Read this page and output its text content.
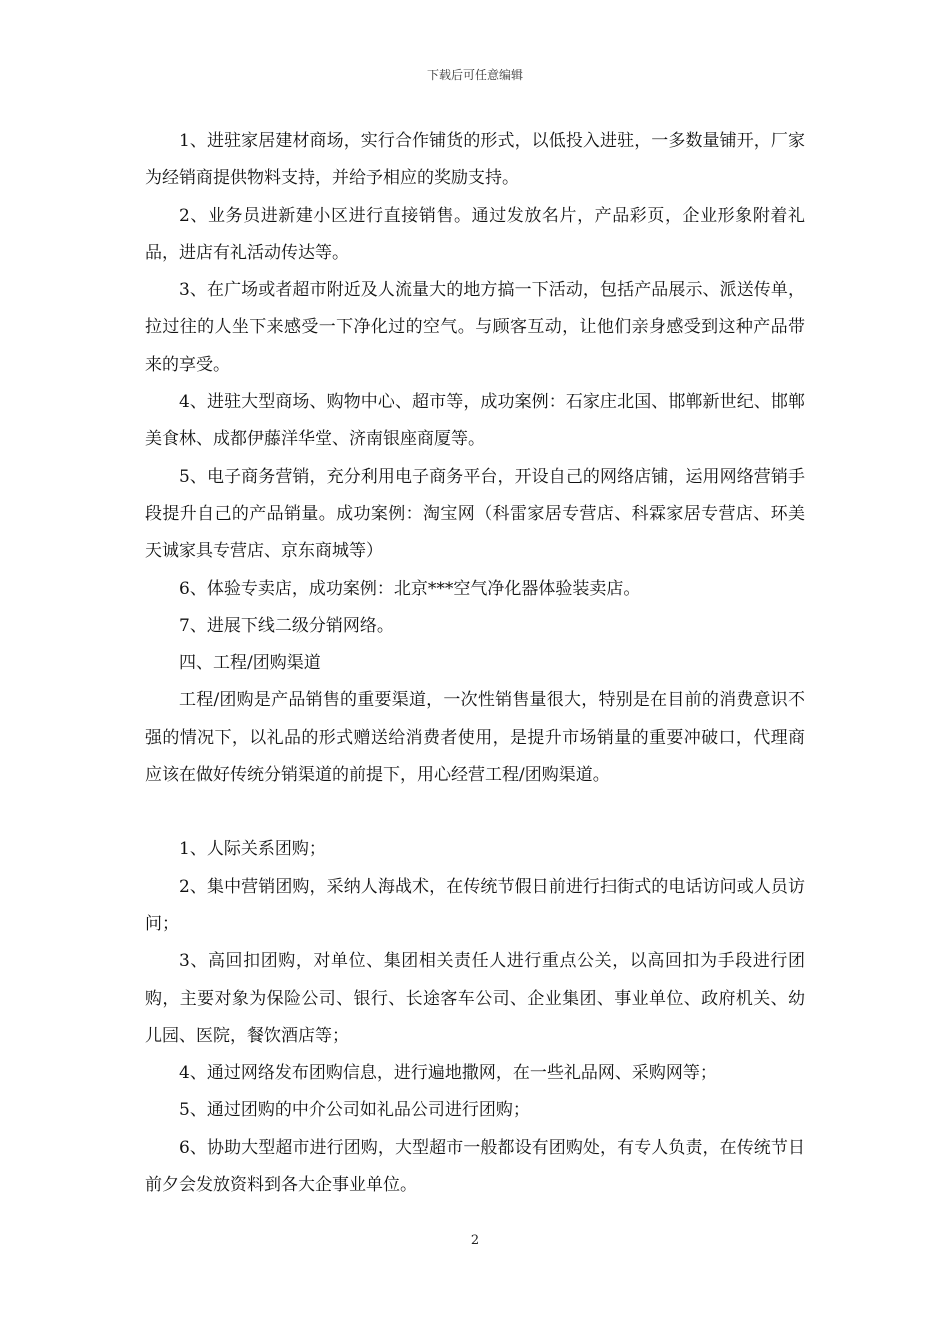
下载后可任意编辑

1、进驻家居建材商场，实行合作铺货的形式，以低投入进驻，一多数量铺开，厂家为经销商提供物料支持，并给予相应的奖励支持。

2、业务员进新建小区进行直接销售。通过发放名片，产品彩页，企业形象附着礼品，进店有礼活动传达等。

3、在广场或者超市附近及人流量大的地方搞一下活动，包括产品展示、派送传单，拉过往的人坐下来感受一下净化过的空气。与顾客互动，让他们亲身感受到这种产品带来的享受。

4、进驻大型商场、购物中心、超市等，成功案例：石家庄北国、邯郸新世纪、邯郸美食林、成都伊藤洋华堂、济南银座商厦等。

5、电子商务营销，充分利用电子商务平台，开设自己的网络店铺，运用网络营销手段提升自己的产品销量。成功案例：淘宝网（科雷家居专营店、科霖家居专营店、环美天诚家具专营店、京东商城等）

6、体验专卖店，成功案例：北京***空气净化器体验装卖店。

7、进展下线二级分销网络。

四、工程/团购渠道

工程/团购是产品销售的重要渠道，一次性销售量很大，特别是在目前的消费意识不强的情况下，以礼品的形式赠送给消费者使用，是提升市场销量的重要冲破口，代理商应该在做好传统分销渠道的前提下，用心经营工程/团购渠道。

1、人际关系团购；

2、集中营销团购，采纳人海战术，在传统节假日前进行扫街式的电话访问或人员访问；

3、高回扣团购，对单位、集团相关责任人进行重点公关，以高回扣为手段进行团购，主要对象为保险公司、银行、长途客车公司、企业集团、事业单位、政府机关、幼儿园、医院，餐饮酒店等；

4、通过网络发布团购信息，进行遍地撒网，在一些礼品网、采购网等；

5、通过团购的中介公司如礼品公司进行团购；

6、协助大型超市进行团购，大型超市一般都设有团购处，有专人负责，在传统节日前夕会发放资料到各大企事业单位。

2
